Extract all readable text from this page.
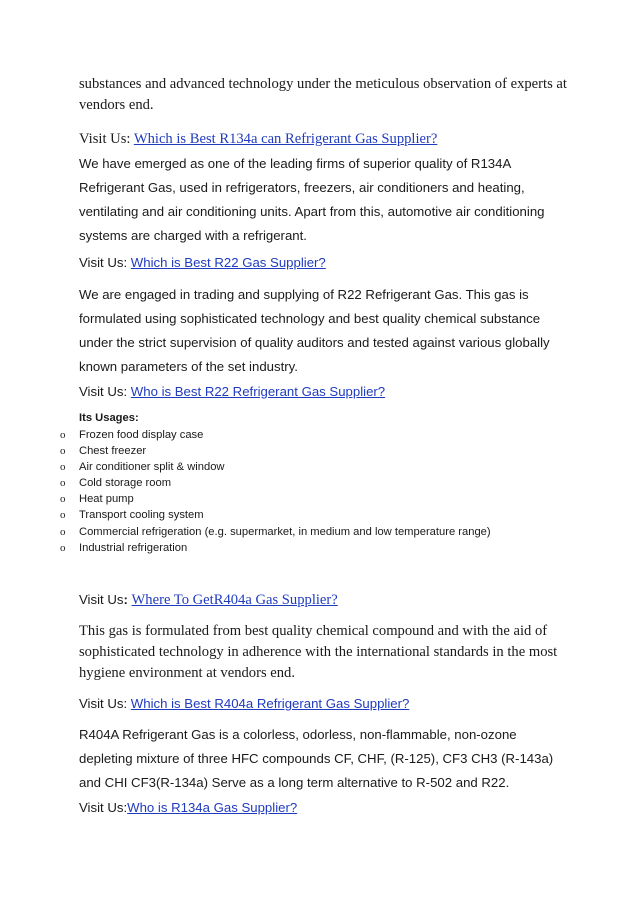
substances and advanced technology under the meticulous observation of experts at vendors end.

Visit Us: Which is Best R134a can Refrigerant Gas Supplier?

We have emerged as one of the leading firms of superior quality of R134A Refrigerant Gas, used in refrigerators, freezers, air conditioners and heating, ventilating and air conditioning units. Apart from this, automotive air conditioning systems are charged with a refrigerant.

Visit Us: Which is Best R22 Gas Supplier?

We are engaged in trading and supplying of R22 Refrigerant Gas. This gas is formulated using sophisticated technology and best quality chemical substance under the strict supervision of quality auditors and tested against various globally known parameters of the set industry.

Visit Us: Who is Best R22 Refrigerant Gas Supplier?

Its Usages:
o Frozen food display case
o Chest freezer
o Air conditioner split & window
o Cold storage room
o Heat pump
o Transport cooling system
o Commercial refrigeration (e.g. supermarket, in medium and low temperature range)
o Industrial refrigeration

Visit Us: Where To GetR404a Gas Supplier?

This gas is formulated from best quality chemical compound and with the aid of sophisticated technology in adherence with the international standards in the most hygiene environment at vendors end.

Visit Us: Which is Best R404a Refrigerant Gas Supplier?

R404A Refrigerant Gas is a colorless, odorless, non-flammable, non-ozone depleting mixture of three HFC compounds CF, CHF, (R-125), CF3 CH3 (R-143a) and CHI CF3(R-134a) Serve as a long term alternative to R-502 and R22.

Visit Us:Who is R134a Gas Supplier?
